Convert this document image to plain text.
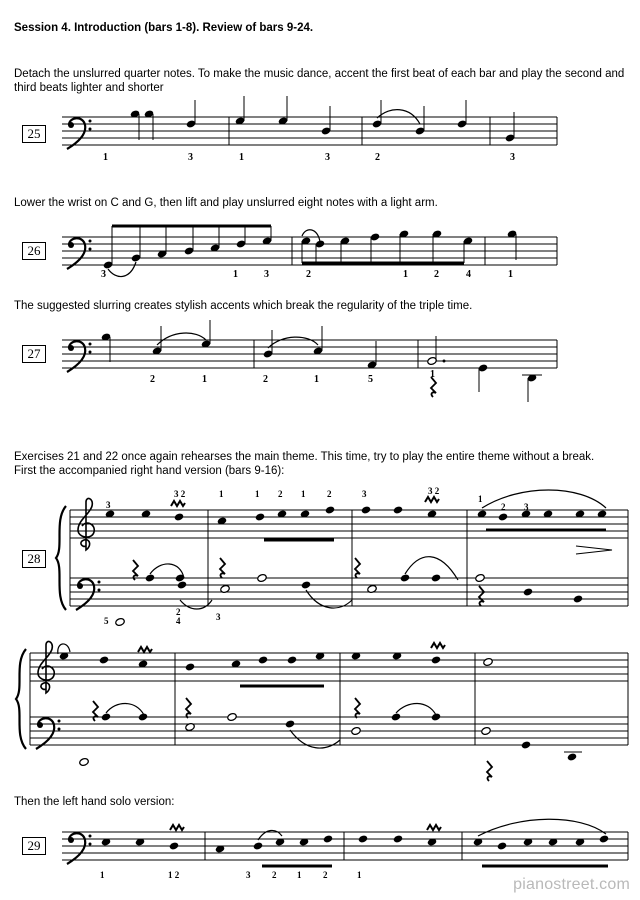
Session 4. Introduction (bars 1-8). Review of bars 9-24.
Detach the unslurred quarter notes. To make the music dance, accent the first beat of each bar and play the second and third beats lighter and shorter
25
Lower the wrist on C and G, then lift and play unslurred eight notes with a light arm.
26
The suggested slurring creates stylish accents which break the regularity of the triple time.
27
Exercises 21 and 22 once again rehearses the main theme. This time, try to play the entire theme without a break.
First the accompanied right hand version (bars 9-16):
28
Then the left hand solo version:
29
1	3	1	3	2	3
3	1	3	2	1	2	4	1
2	1	2	1	5	1
3
3 2	1	1 2 1 2	3	3 2
1
2 3
5
2
4	3
1	1 2	3 2 1 2	1
pianostreet.com
